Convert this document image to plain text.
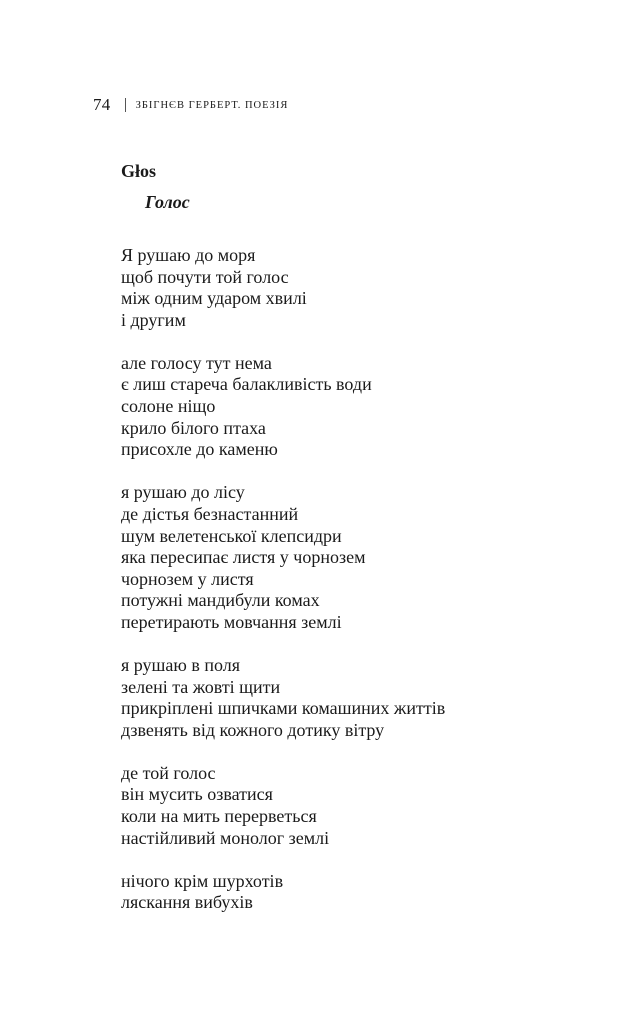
74 ЗБІГНЄВ ГЕРБЕРТ. ПОЕЗІЯ
Głos
Голос
Я рушаю до моря
щоб почути той голос
між одним ударом хвилі
і другим
але голосу тут нема
є лиш стареча балакливість води
солоне ніщо
крило білого птаха
присохле до каменю
я рушаю до лісу
де дістья безнастанний
шум велетенської клепсидри
яка пересипає листя у чорнозем
чорнозем у листя
потужні мандибули комах
перетирають мовчання землі
я рушаю в поля
зелені та жовті щити
прикріплені шпичками комашиних життів
дзвенять від кожного дотику вітру
де той голос
він мусить озватися
коли на мить перерветься
настійливий монолог землі
нічого крім шурхотів
ляскання вибухів
